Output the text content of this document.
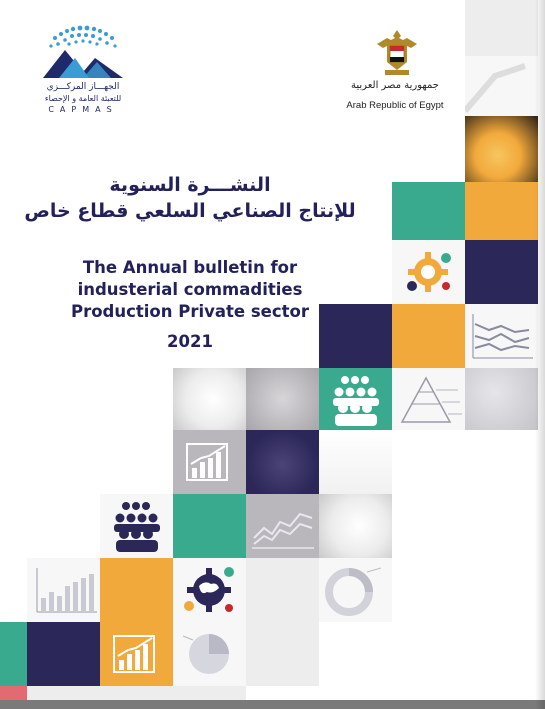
الجهـــاز المركـــزي
للتعبئة العامة و الإحصاء
CAPMAS
جمهورية مصر العربية
Arab Republic of Egypt
النشـــرة السنوية
للإنتاج الصناعي السلعي قطاع خاص
The Annual bulletin for
industerial commadities
Production Private sector
2021
